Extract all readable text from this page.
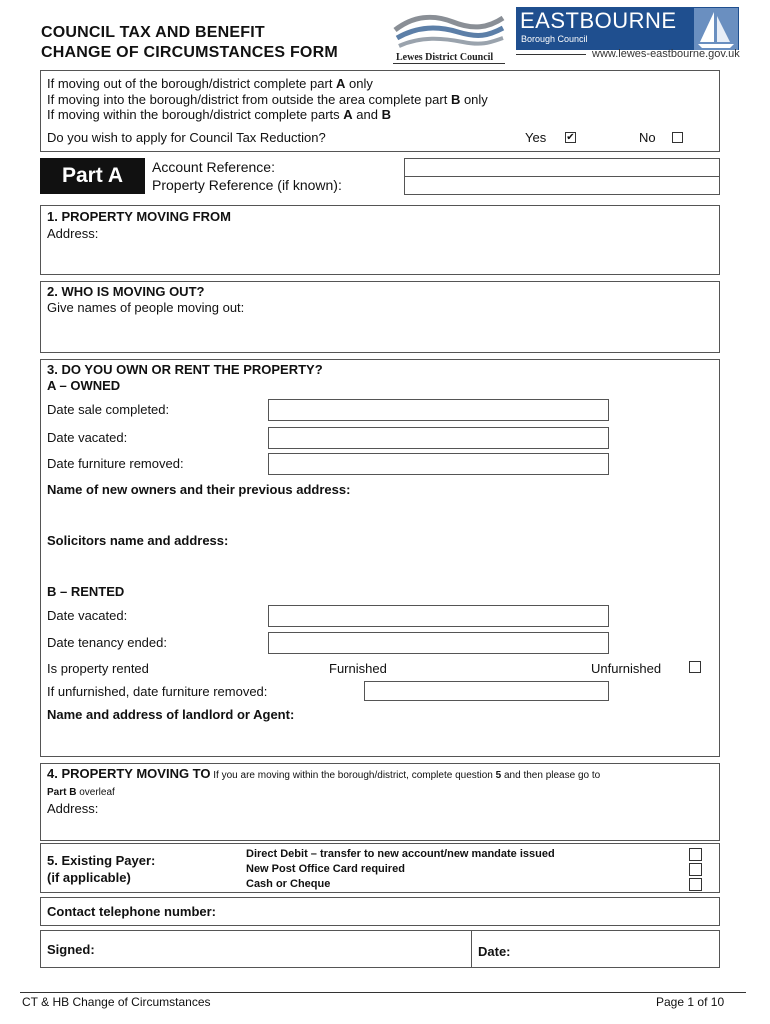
COUNCIL TAX AND BENEFIT
CHANGE OF CIRCUMSTANCES FORM	Lewes District Council
EASTBOURNE
Borough Council
www.lewes-eastbourne.gov.uk
If moving out of the borough/district complete part A only
If moving into the borough/district from outside the area complete part B only
If moving within the borough/district complete parts A and B
Do you wish to apply for Council Tax Reduction?	Yes ✔	No
Part A	Account Reference:
Property Reference (if known):
1. PROPERTY MOVING FROM
Address:
2. WHO IS MOVING OUT?
Give names of people moving out:
3. DO YOU OWN OR RENT THE PROPERTY?
A – OWNED
Date sale completed:
Date vacated:
Date furniture removed:
Name of new owners and their previous address:
Solicitors name and address:
B – RENTED
Date vacated:
Date tenancy ended:
Is property rented	Furnished	Unfurnished
If unfurnished, date furniture removed:
Name and address of landlord or Agent:
4. PROPERTY MOVING TO If you are moving within the borough/district, complete question 5 and then please go to
Part B overleaf
Address:
5. Existing Payer:
(if applicable)
Direct Debit – transfer to new account/new mandate issued
New Post Office Card required
Cash or Cheque
Contact telephone number:
Signed:	Date:
CT & HB Change of Circumstances	Page 1 of 10
